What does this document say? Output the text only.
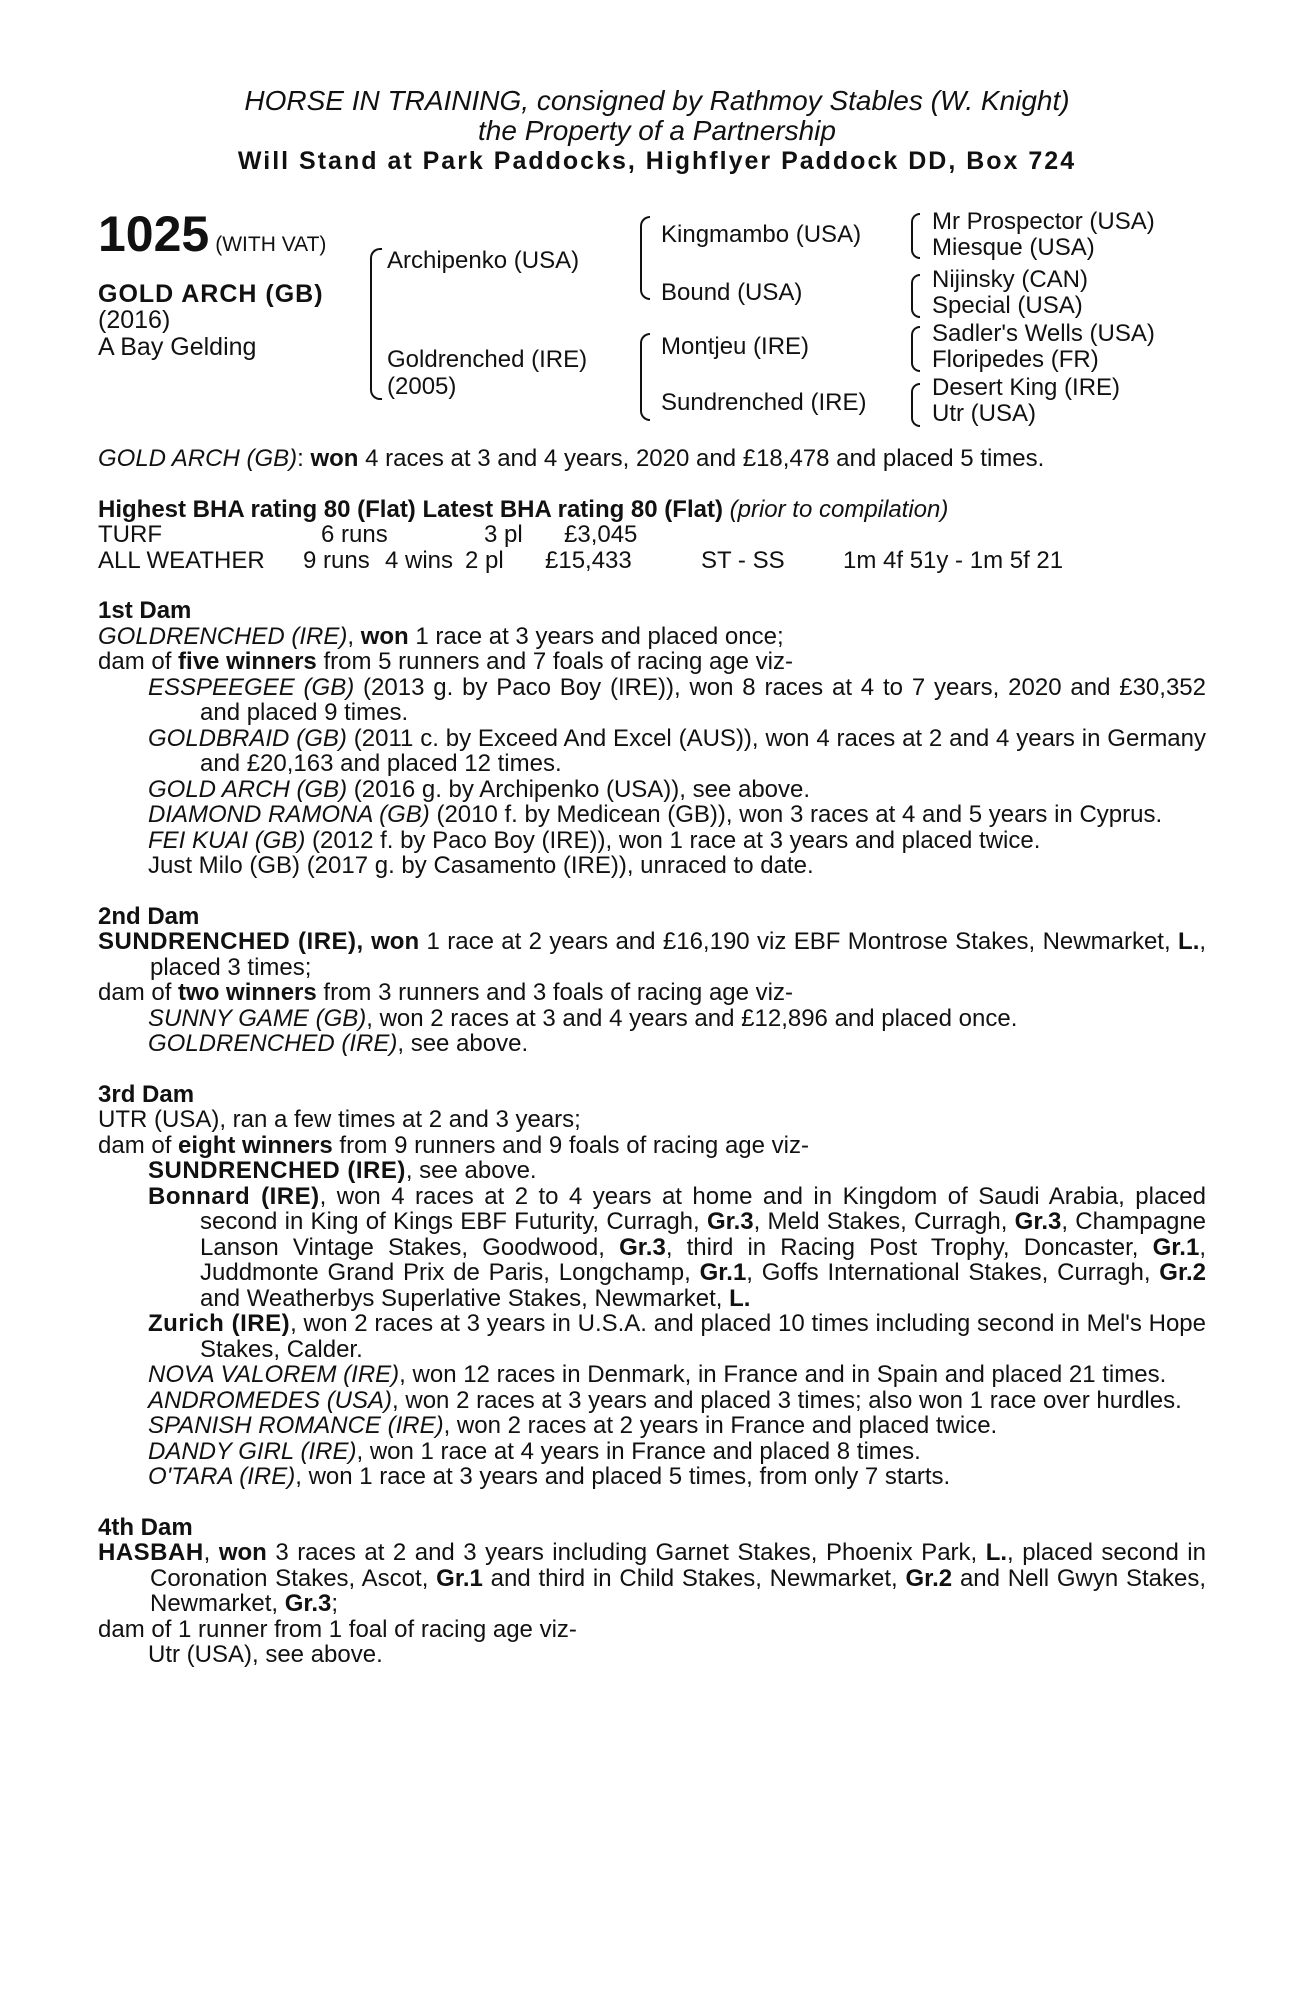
HORSE IN TRAINING, consigned by Rathmoy Stables (W. Knight)
the Property of a Partnership
Will Stand at Park Paddocks, Highflyer Paddock DD, Box 724
1025 (WITH VAT)
GOLD ARCH (GB)
(2016)
A Bay Gelding
Archipenko (USA)
Goldrenched (IRE)
(2005)
Kingmambo (USA)
Bound (USA)
Montjeu (IRE)
Sundrenched (IRE)
Mr Prospector (USA)
Miesque (USA)
Nijinsky (CAN)
Special (USA)
Sadler's Wells (USA)
Floripedes (FR)
Desert King (IRE)
Utr (USA)

GOLD ARCH (GB): won 4 races at 3 and 4 years, 2020 and £18,478 and placed 5 times.

Highest BHA rating 80 (Flat) Latest BHA rating 80 (Flat) (prior to compilation)

TURF	6 runs	3 pl	£3,045
ALL WEATHER	9 runs 4 wins 2 pl	£15,433	ST - SS	1m 4f 51y - 1m 5f 21

1st Dam

GOLDRENCHED (IRE), won 1 race at 3 years and placed once;

dam of five winners from 5 runners and 7 foals of racing age viz-

ESSPEEGEE (GB) (2013 g. by Paco Boy (IRE)), won 8 races at 4 to 7 years, 2020 and £30,352 and placed 9 times.

GOLDBRAID (GB) (2011 c. by Exceed And Excel (AUS)), won 4 races at 2 and 4 years in Germany and £20,163 and placed 12 times.

GOLD ARCH (GB) (2016 g. by Archipenko (USA)), see above.

DIAMOND RAMONA (GB) (2010 f. by Medicean (GB)), won 3 races at 4 and 5 years in Cyprus.

FEI KUAI (GB) (2012 f. by Paco Boy (IRE)), won 1 race at 3 years and placed twice.

Just Milo (GB) (2017 g. by Casamento (IRE)), unraced to date.

2nd Dam

SUNDRENCHED (IRE), won 1 race at 2 years and £16,190 viz EBF Montrose Stakes, Newmarket, L., placed 3 times;

dam of two winners from 3 runners and 3 foals of racing age viz-

SUNNY GAME (GB), won 2 races at 3 and 4 years and £12,896 and placed once.

GOLDRENCHED (IRE), see above.

3rd Dam

UTR (USA), ran a few times at 2 and 3 years;

dam of eight winners from 9 runners and 9 foals of racing age viz-

SUNDRENCHED (IRE), see above.

Bonnard (IRE), won 4 races at 2 to 4 years at home and in Kingdom of Saudi Arabia, placed second in King of Kings EBF Futurity, Curragh, Gr.3, Meld Stakes, Curragh, Gr.3, Champagne Lanson Vintage Stakes, Goodwood, Gr.3, third in Racing Post Trophy, Doncaster, Gr.1, Juddmonte Grand Prix de Paris, Longchamp, Gr.1, Goffs International Stakes, Curragh, Gr.2 and Weatherbys Superlative Stakes, Newmarket, L.

Zurich (IRE), won 2 races at 3 years in U.S.A. and placed 10 times including second in Mel's Hope Stakes, Calder.

NOVA VALOREM (IRE), won 12 races in Denmark, in France and in Spain and placed 21 times.

ANDROMEDES (USA), won 2 races at 3 years and placed 3 times; also won 1 race over hurdles.

SPANISH ROMANCE (IRE), won 2 races at 2 years in France and placed twice.

DANDY GIRL (IRE), won 1 race at 4 years in France and placed 8 times.

O'TARA (IRE), won 1 race at 3 years and placed 5 times, from only 7 starts.

4th Dam

HASBAH, won 3 races at 2 and 3 years including Garnet Stakes, Phoenix Park, L., placed second in Coronation Stakes, Ascot, Gr.1 and third in Child Stakes, Newmarket, Gr.2 and Nell Gwyn Stakes, Newmarket, Gr.3;

dam of 1 runner from 1 foal of racing age viz-

Utr (USA), see above.
